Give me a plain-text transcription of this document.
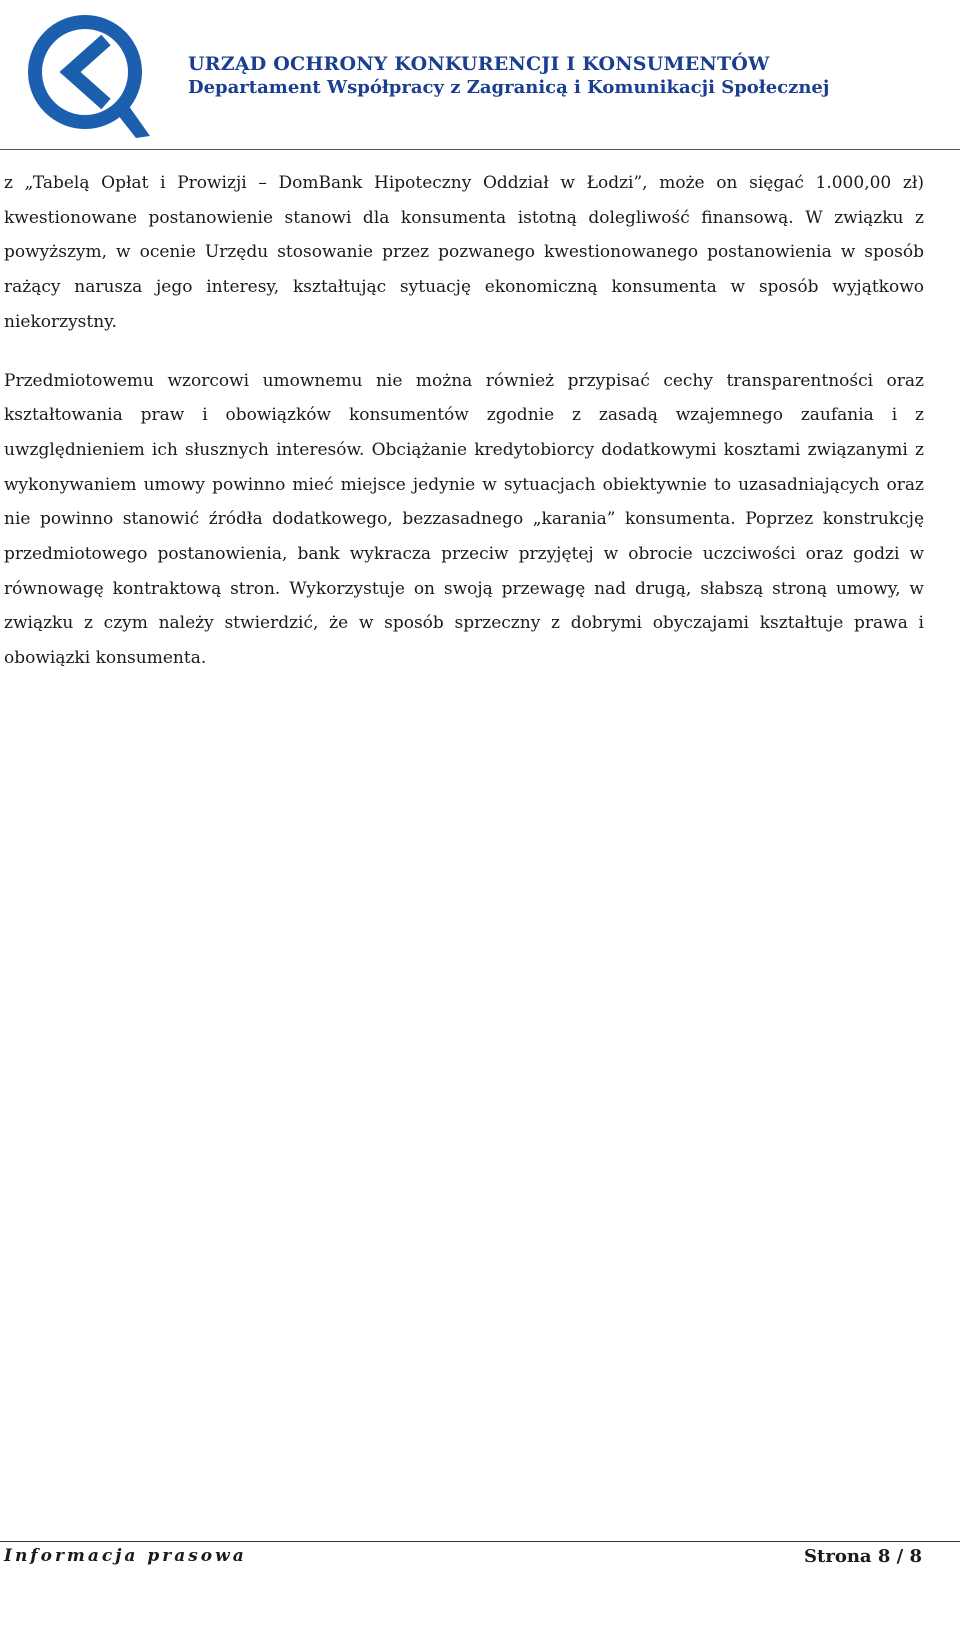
URZĄD OCHRONY KONKURENCJI I KONSUMENTÓW
Departament Współpracy z Zagranicą i Komunikacji Społecznej

z „Tabelą Opłat i Prowizji – DomBank Hipoteczny Oddział w Łodzi”, może on sięgać 1.000,00 zł) kwestionowane postanowienie stanowi dla konsumenta istotną dolegliwość finansową. W związku z powyższym, w ocenie Urzędu stosowanie przez pozwanego kwestionowanego postanowienia w sposób rażący narusza jego interesy, kształtując sytuację ekonomiczną konsumenta w sposób wyjątkowo niekorzystny.

Przedmiotowemu wzorcowi umownemu nie można również przypisać cechy transparentności oraz kształtowania praw i obowiązków konsumentów zgodnie z zasadą wzajemnego zaufania i z uwzględnieniem ich słusznych interesów. Obciążanie kredytobiorcy dodatkowymi kosztami związanymi z wykonywaniem umowy powinno mieć miejsce jedynie w sytuacjach obiektywnie to uzasadniających oraz nie powinno stanowić źródła dodatkowego, bezzasadnego „karania” konsumenta. Poprzez konstrukcję przedmiotowego postanowienia, bank wykracza przeciw przyjętej w obrocie uczciwości oraz godzi w równowagę kontraktową stron. Wykorzystuje on swoją przewagę nad drugą, słabszą stroną umowy, w związku z czym należy stwierdzić, że w sposób sprzeczny z dobrymi obyczajami kształtuje prawa i obowiązki konsumenta.

Informacja prasowa	Strona 8 / 8
